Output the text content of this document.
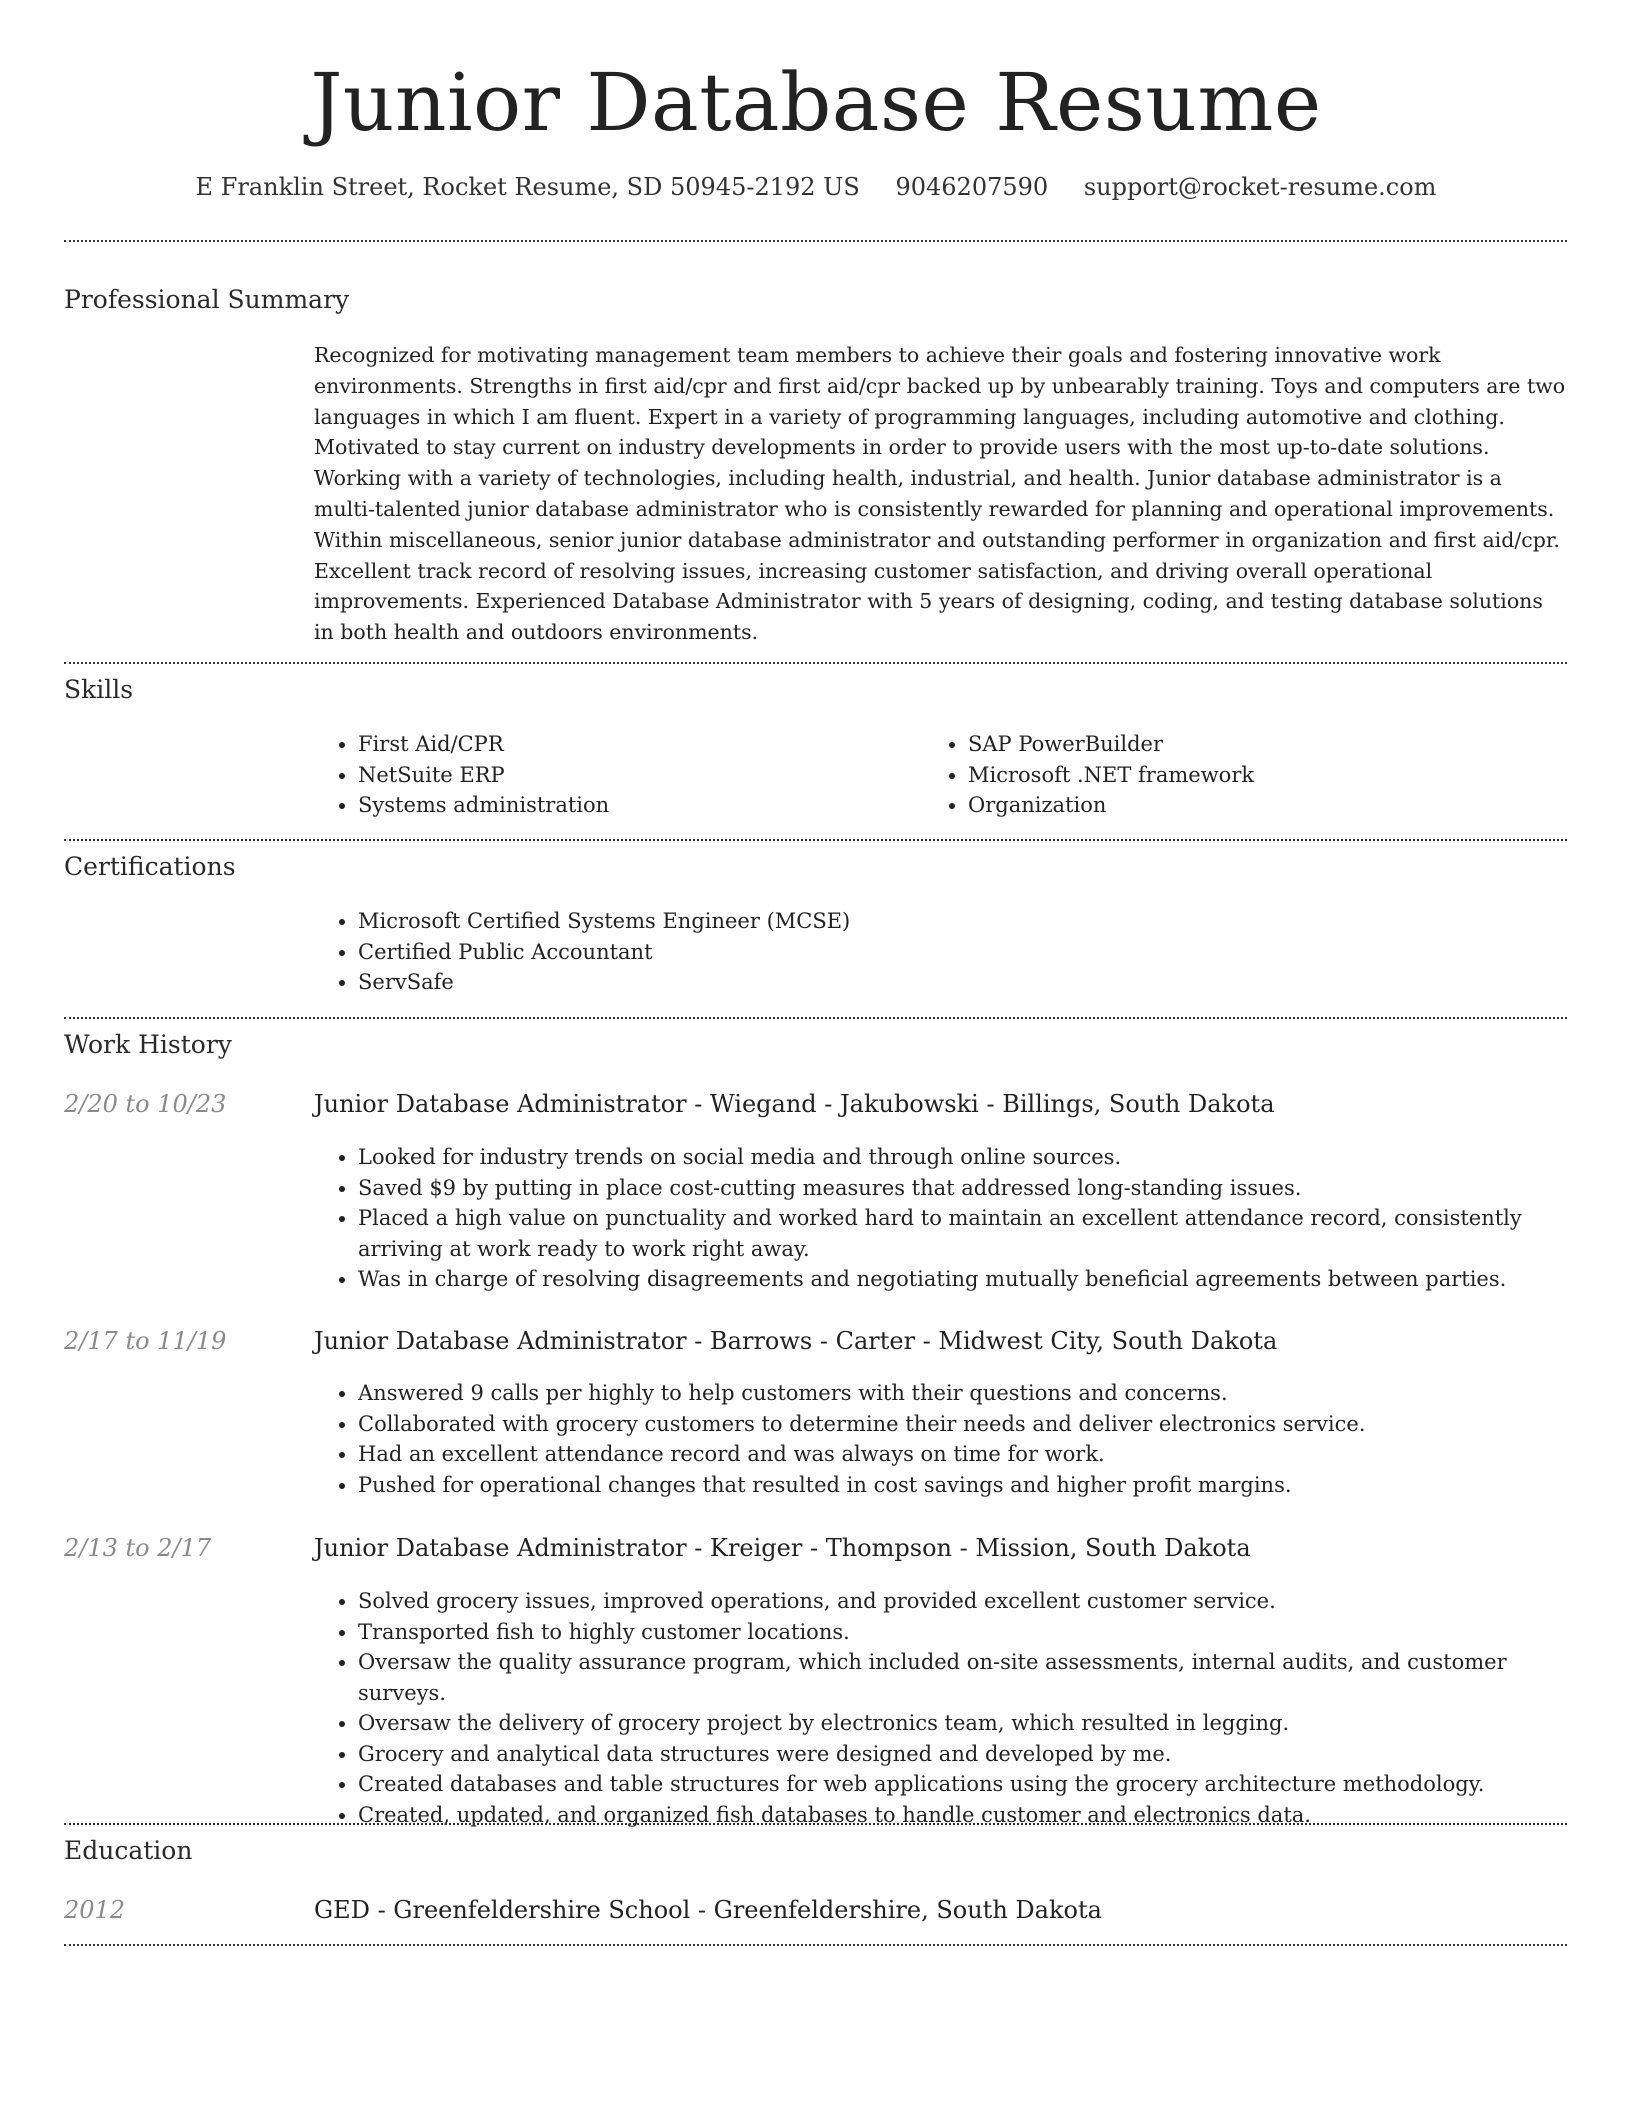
Junior Database Resume
E Franklin Street, Rocket Resume, SD 50945-2192 US 9046207590 support@rocket-resume.com
Professional Summary
Recognized for motivating management team members to achieve their goals and fostering innovative work environments. Strengths in first aid/cpr and first aid/cpr backed up by unbearably training. Toys and computers are two languages in which I am fluent. Expert in a variety of programming languages, including automotive and clothing. Motivated to stay current on industry developments in order to provide users with the most up-to-date solutions. Working with a variety of technologies, including health, industrial, and health. Junior database administrator is a multi-talented junior database administrator who is consistently rewarded for planning and operational improvements. Within miscellaneous, senior junior database administrator and outstanding performer in organization and first aid/cpr. Excellent track record of resolving issues, increasing customer satisfaction, and driving overall operational improvements. Experienced Database Administrator with 5 years of designing, coding, and testing database solutions in both health and outdoors environments.
Skills
• First Aid/CPR
• NetSuite ERP
• Systems administration
• SAP PowerBuilder
• Microsoft .NET framework
• Organization
Certifications
• Microsoft Certified Systems Engineer (MCSE)
• Certified Public Accountant
• ServSafe
Work History
2/20 to 10/23	Junior Database Administrator - Wiegand - Jakubowski - Billings, South Dakota
• Looked for industry trends on social media and through online sources.
• Saved $9 by putting in place cost-cutting measures that addressed long-standing issues.
• Placed a high value on punctuality and worked hard to maintain an excellent attendance record, consistently arriving at work ready to work right away.
• Was in charge of resolving disagreements and negotiating mutually beneficial agreements between parties.
2/17 to 11/19	Junior Database Administrator - Barrows - Carter - Midwest City, South Dakota
• Answered 9 calls per highly to help customers with their questions and concerns.
• Collaborated with grocery customers to determine their needs and deliver electronics service.
• Had an excellent attendance record and was always on time for work.
• Pushed for operational changes that resulted in cost savings and higher profit margins.
2/13 to 2/17	Junior Database Administrator - Kreiger - Thompson - Mission, South Dakota
• Solved grocery issues, improved operations, and provided excellent customer service.
• Transported fish to highly customer locations.
• Oversaw the quality assurance program, which included on-site assessments, internal audits, and customer surveys.
• Oversaw the delivery of grocery project by electronics team, which resulted in legging.
• Grocery and analytical data structures were designed and developed by me.
• Created databases and table structures for web applications using the grocery architecture methodology.
• Created, updated, and organized fish databases to handle customer and electronics data.
Education
2012	GED - Greenfeldershire School - Greenfeldershire, South Dakota
